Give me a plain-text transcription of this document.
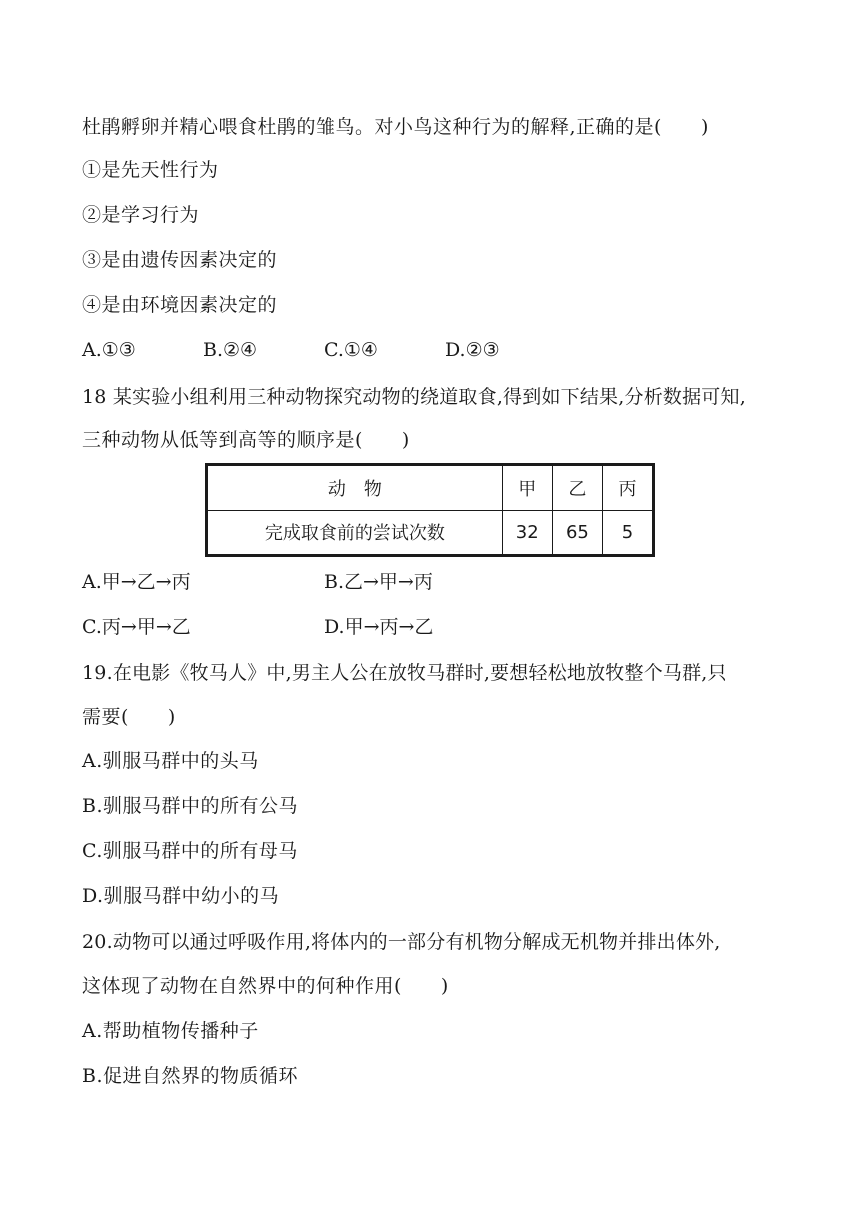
杜鹃孵卵并精心喂食杜鹃的雏鸟。对小鸟这种行为的解释,正确的是(　　)
①是先天性行为
②是学习行为
③是由遗传因素决定的
④是由环境因素决定的
A.①③	B.②④	C.①④	D.②③
18 某实验小组利用三种动物探究动物的绕道取食,得到如下结果,分析数据可知,
三种动物从低等到高等的顺序是(　　)
动　物	甲	乙	丙
完成取食前的尝试次数	32	65	5
A.甲→乙→丙	B.乙→甲→丙
C.丙→甲→乙	D.甲→丙→乙
19.在电影《牧马人》中,男主人公在放牧马群时,要想轻松地放牧整个马群,只
需要(　　)
A.驯服马群中的头马
B.驯服马群中的所有公马
C.驯服马群中的所有母马
D.驯服马群中幼小的马
20.动物可以通过呼吸作用,将体内的一部分有机物分解成无机物并排出体外,
这体现了动物在自然界中的何种作用(　　)
A.帮助植物传播种子
B.促进自然界的物质循环
